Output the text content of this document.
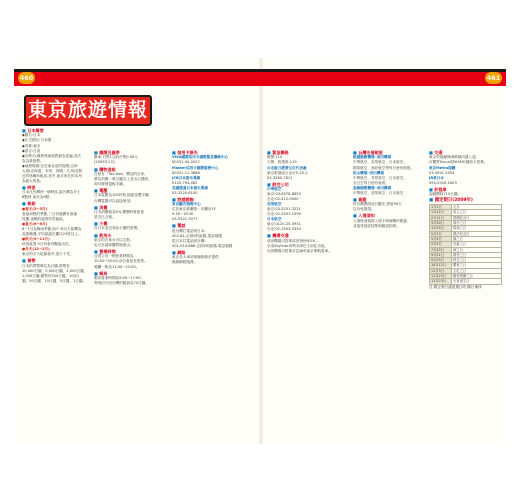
460	461
東京旅遊情報
■ 日本概要
◆國名:日本
◆正式國名:日本國
◆首都:東京
◆語言:日語
◆宗教:以佛教與神道教最為普遍,其次
為為基督教。
◆地理環境:位於東北亞的島國,由四
大島(北海道、本州、四國、九州)及附
近的島嶼所組成,其中,東京所在的本州
為最大的島。
■ 時差
日本比台灣快一個時區,當台灣為早上
8點時,東京為9點。
■ 氣候
●春天(3~5月)
春風和煦的季節,三月份還偶有寒流
侵襲,夜晚的溫度仍然偏低。
●夏天(6~8月)
6~7月為梅雨季節,而7~8月天氣轉為
炎熱潮濕,平均氣溫在攝氏25度以上。
●秋天(9~11月)
秋高氣爽,9月份會有颱風出沒。
●冬天(12~2月)
東京的冬天乾燥寒冷,很少下雪。
■ 貨幣
日本的貨幣單位為日圓,紙幣有
10,000日圓、5,000日圓、2,000日圓、
1,000日圓,硬幣有500日圓、100日
圓、50日圓、10日圓、5日圓、1日圓。
■ 國際及匯率
匯率:日幣1元約台幣0.36元
(2009年1月)
■ 購物退稅
在貼有「Tax-free」標誌的店家,
單店消費一萬日圓以上並出示護照,
即可辦理退稅手續。
■ 電壓
日本電壓為100伏特,插座為雙平腳,
台灣電器可以直接使用。
■ 消費
日本消費稅為5%,標價時要留意
是否已含稅。
■ 小費
在日本並沒有給小費的習慣。
■ 飲用水
東京的自來水可以生飲,
也可在超商購買瓶裝水。
■ 營業時間
百貨公司一般營業時間為
10:00~20:00,部分會延長營業。
餐廳一般為11:00~22:00。
■ 郵局
郵局營業時間為9:00~17:00,
寄明信片回台灣的郵資為70日圓。
■ 信用卡掛失
VISA國際信用卡國際緊急聯絡中心
00531-44-0022
Master信用卡國際服務中心
00531-11-3886
JCB日本掛失專線
0120-794-082
美國運通日本掛失專線
03-3220-6100
■ 旅遊諮詢
東京觀光情報中心
位於東京都廳第一本廳舍1F
9:30~18:30
03-5321-3077
■ 電話
從台灣打電話到日本:
002-81-去掉0的區碼-電話號碼
從日本打電話到台灣:
001-010-886-去掉0的區碼-電話號碼
■ 網路
東京各大車站與咖啡館多提供
無線網路服務。
■ 緊急聯絡
報警:110
火警、救護車:119
台北駐日經濟文化代表處
東京都港區白金台5-20-2
03-3280-7811
■ 航空公司
中華航空
東京:03-6378-8855
台北:02-412-9000
長榮航空
東京:03-5251-3221
台北:02-2501-1999
日本航空
東京:0120-25-5931
台北:02-2503-3333
■ 機場交通
成田機場可搭乘成田特快N'EX、
京成Skyliner或利木津巴士前往市區。
羽田機場可搭乘京急線或東京單軌電車。
■ 台灣出發航班
桃園國際機場─成田機場
中華航空、長榮航空、日本航空、
國泰航空、西北航空等每日皆有航班。
松山機場─羽田機場
中華航空、長榮航空、日本航空、
全日空每日皆有航班。
高雄國際機場─成田機場
中華航空、長榮航空、日本航空
■ 簽證
持台灣護照赴日觀光,停留90天
以內免簽證。
■ 入境須知
入境時須填寫入境卡與海關申報書,
並接受指紋採集與臉部拍照。
■ 交通
東京的地鐵與JR路線四通八達,
可購買Suica或PASMO儲值卡搭乘。
東京Metro地鐵
03-3941-2004
JR東日本
050-2016-1603
■ 計程車
起跳價約710日圓。
■ 國定假日(2009年)
1月1日	元旦
1月12日	成人之日
2月11日	建國紀念日
3月20日	春分之日
4月29日	昭和之日
5月3日	憲法紀念日
5月4日	綠之日
5月5日	兒童之日
7月20日	海之日
9月21日	敬老之日
9月23日	秋分之日
10月12日	體育之日
11月3日	文化之日
11月23日	勤勞感謝之日
12月23日	天皇誕生日
註:國定假日適逢週日時,隔日補休
